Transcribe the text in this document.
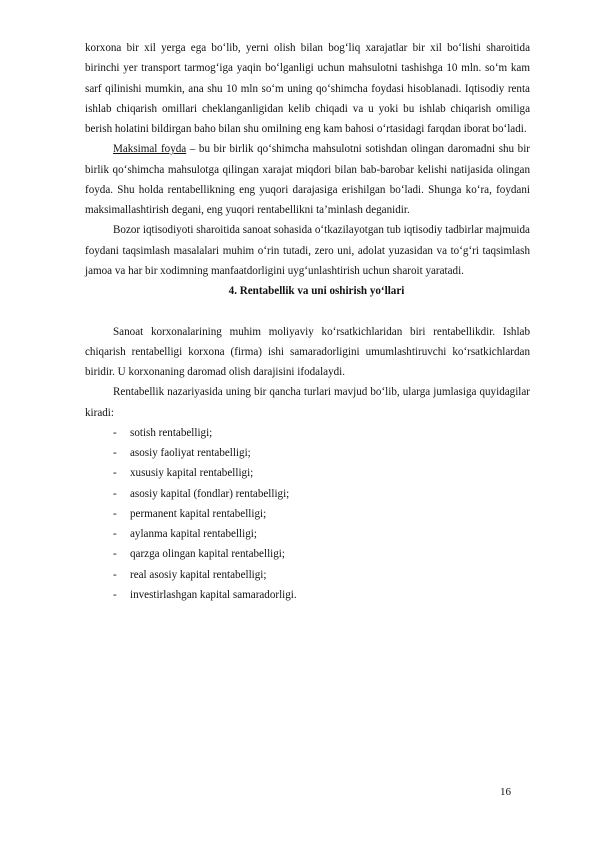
korxona bir xil yerga ega bo‘lib, yerni olish bilan bog‘liq xarajatlar bir xil bo‘lishi sharoitida birinchi yer transport tarmog‘iga yaqin bo‘lganligi uchun mahsulotni tashishga 10 mln. so‘m kam sarf qilinishi mumkin, ana shu 10 mln so‘m uning qo‘shimcha foydasi hisoblanadi. Iqtisodiy renta ishlab chiqarish omillari cheklanganligidan kelib chiqadi va u yoki bu ishlab chiqarish omiliga berish holatini bildirgan baho bilan shu omilning eng kam bahosi o‘rtasidagi farqdan iborat bo‘ladi.

Maksimal foyda – bu bir birlik qo‘shimcha mahsulotni sotishdan olingan daromadni shu bir birlik qo‘shimcha mahsulotga qilingan xarajat miqdori bilan bab-barobar kelishi natijasida olingan foyda. Shu holda rentabellikning eng yuqori darajasiga erishilgan bo‘ladi. Shunga ko‘ra, foydani maksimallashtirish degani, eng yuqori rentabellikni ta’minlash deganidir.

Bozor iqtisodiyoti sharoitida sanoat sohasida o‘tkazilayotgan tub iqtisodiy tadbirlar majmuida foydani taqsimlash masalalari muhim o‘rin tutadi, zero uni, adolat yuzasidan va to‘g‘ri taqsimlash jamoa va har bir xodimning manfaatdorligini uyg‘unlashtirish uchun sharoit yaratadi.

4. Rentabellik va uni oshirish yo‘llari

Sanoat korxonalarining muhim moliyaviy ko‘rsatkichlaridan biri rentabellikdir. Ishlab chiqarish rentabelligi korxona (firma) ishi samaradorligini umumlashtiruvchi ko‘rsatkichlardan biridir. U korxonaning daromad olish darajisini ifodalaydi.

Rentabellik nazariyasida uning bir qancha turlari mavjud bo‘lib, ularga jumlasiga quyidagilar kiradi:

- sotish rentabelligi;
- asosiy faoliyat rentabelligi;
- xususiy kapital rentabelligi;
- asosiy kapital (fondlar) rentabelligi;
- permanent kapital rentabelligi;
- aylanma kapital rentabelligi;
- qarzga olingan kapital rentabelligi;
- real asosiy kapital rentabelligi;
- investirlashgan kapital samaradorligi.
16
